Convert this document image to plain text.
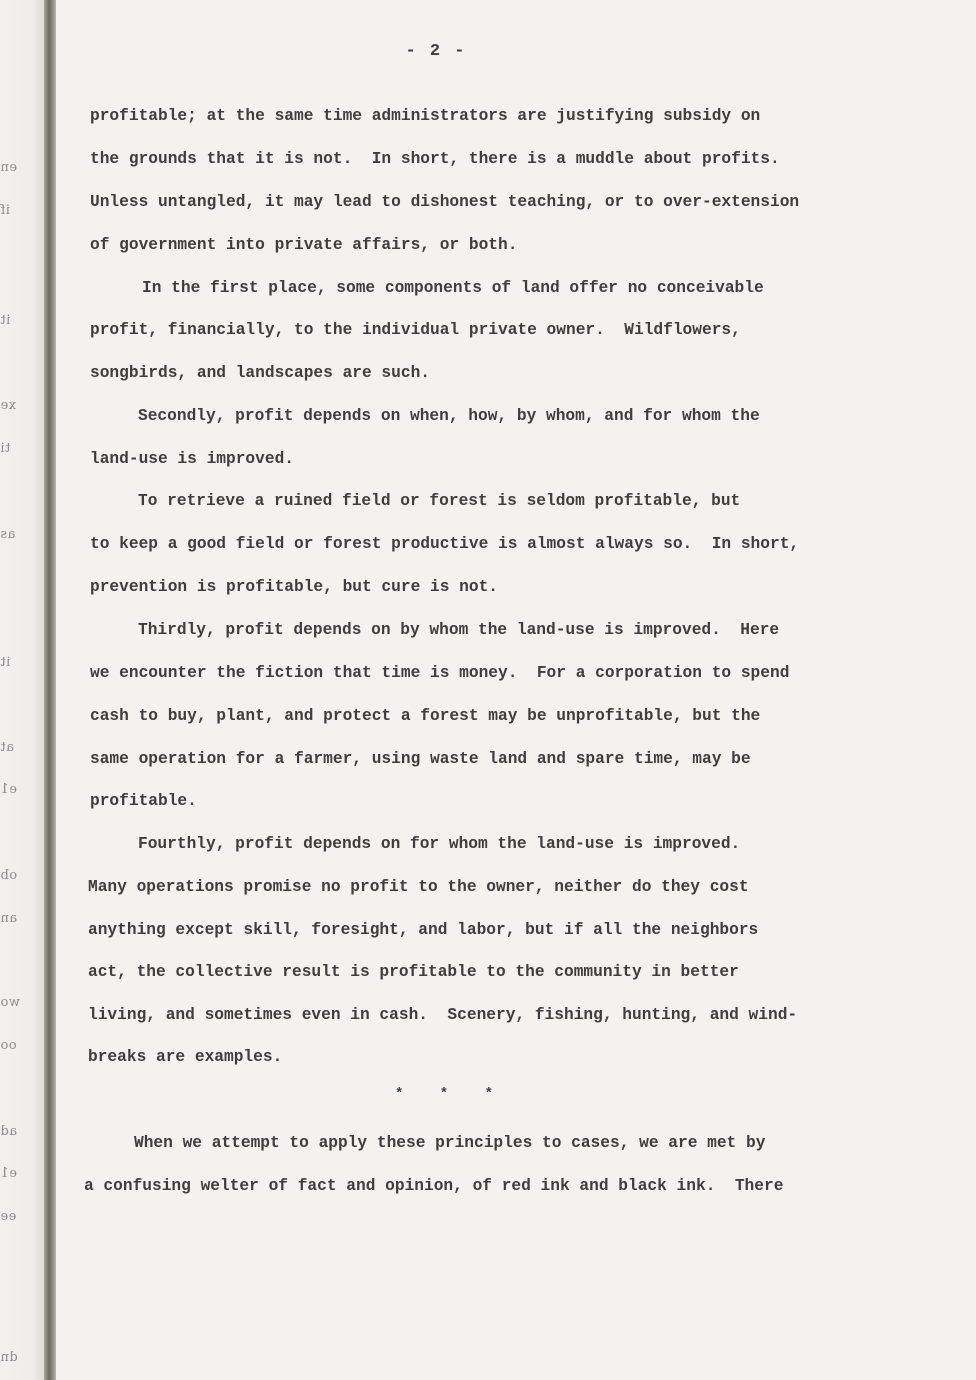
en
if
it
xe
ti
as
it
at
e1
ob
an
wo
oo
ad
e1
ee
dn
- 2 -
profitable; at the same time administrators are justifying subsidy on
the grounds that it is not.  In short, there is a muddle about profits.
Unless untangled, it may lead to dishonest teaching, or to over-extension
of government into private affairs, or both.
In the first place, some components of land offer no conceivable
profit, financially, to the individual private owner.  Wildflowers,
songbirds, and landscapes are such.
Secondly, profit depends on when, how, by whom, and for whom the
land-use is improved.
To retrieve a ruined field or forest is seldom profitable, but
to keep a good field or forest productive is almost always so.  In short,
prevention is profitable, but cure is not.
Thirdly, profit depends on by whom the land-use is improved.  Here
we encounter the fiction that time is money.  For a corporation to spend
cash to buy, plant, and protect a forest may be unprofitable, but the
same operation for a farmer, using waste land and spare time, may be
profitable.
Fourthly, profit depends on for whom the land-use is improved.
Many operations promise no profit to the owner, neither do they cost
anything except skill, foresight, and labor, but if all the neighbors
act, the collective result is profitable to the community in better
living, and sometimes even in cash.  Scenery, fishing, hunting, and wind-
breaks are examples.
* * *
When we attempt to apply these principles to cases, we are met by
a confusing welter of fact and opinion, of red ink and black ink.  There
